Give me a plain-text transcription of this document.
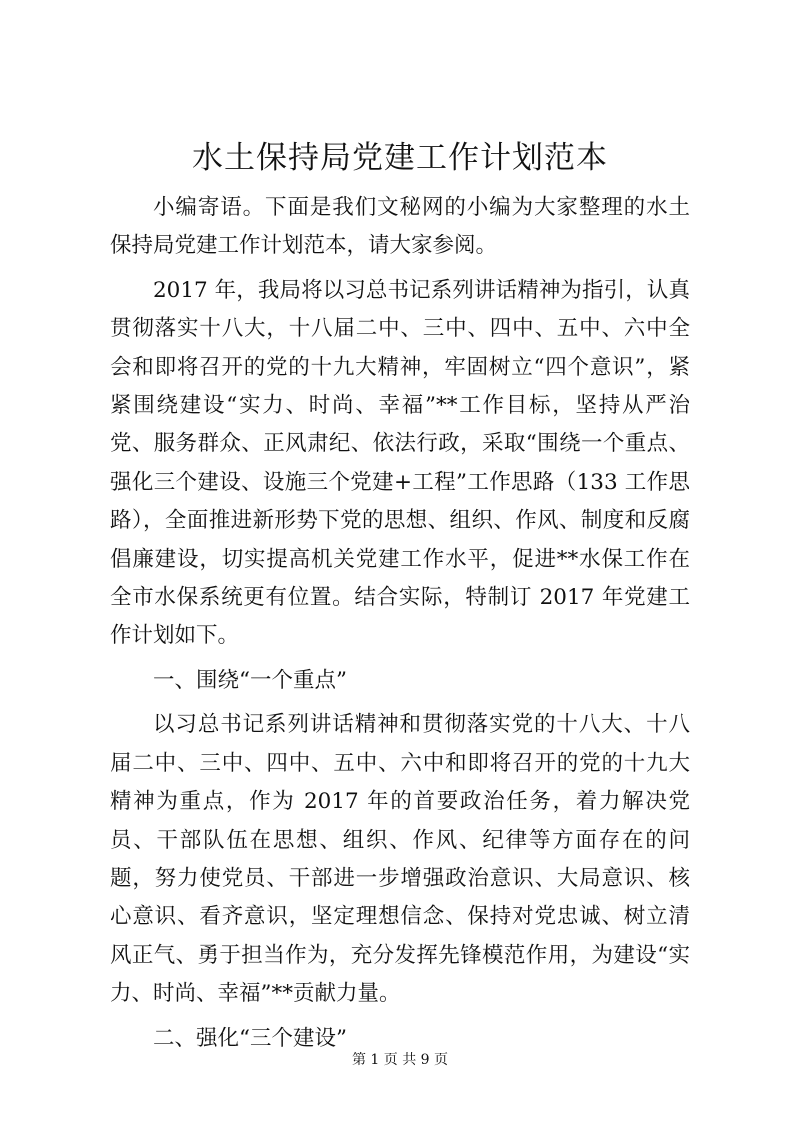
水土保持局党建工作计划范本

小编寄语。下面是我们文秘网的小编为大家整理的水土保持局党建工作计划范本，请大家参阅。

2017 年，我局将以习总书记系列讲话精神为指引，认真贯彻落实十八大，十八届二中、三中、四中、五中、六中全会和即将召开的党的十九大精神，牢固树立“四个意识”，紧紧围绕建设“实力、时尚、幸福”**工作目标，坚持从严治党、服务群众、正风肃纪、依法行政，采取“围绕一个重点、强化三个建设、设施三个党建+工程”工作思路（133 工作思路），全面推进新形势下党的思想、组织、作风、制度和反腐倡廉建设，切实提高机关党建工作水平，促进**水保工作在全市水保系统更有位置。结合实际，特制订 2017 年党建工作计划如下。

一、围绕“一个重点”

以习总书记系列讲话精神和贯彻落实党的十八大、十八届二中、三中、四中、五中、六中和即将召开的党的十九大精神为重点，作为 2017 年的首要政治任务，着力解决党员、干部队伍在思想、组织、作风、纪律等方面存在的问题，努力使党员、干部进一步增强政治意识、大局意识、核心意识、看齐意识，坚定理想信念、保持对党忠诚、树立清风正气、勇于担当作为，充分发挥先锋模范作用，为建设“实力、时尚、幸福”**贡献力量。

二、强化“三个建设”

第 1 页 共 9 页
